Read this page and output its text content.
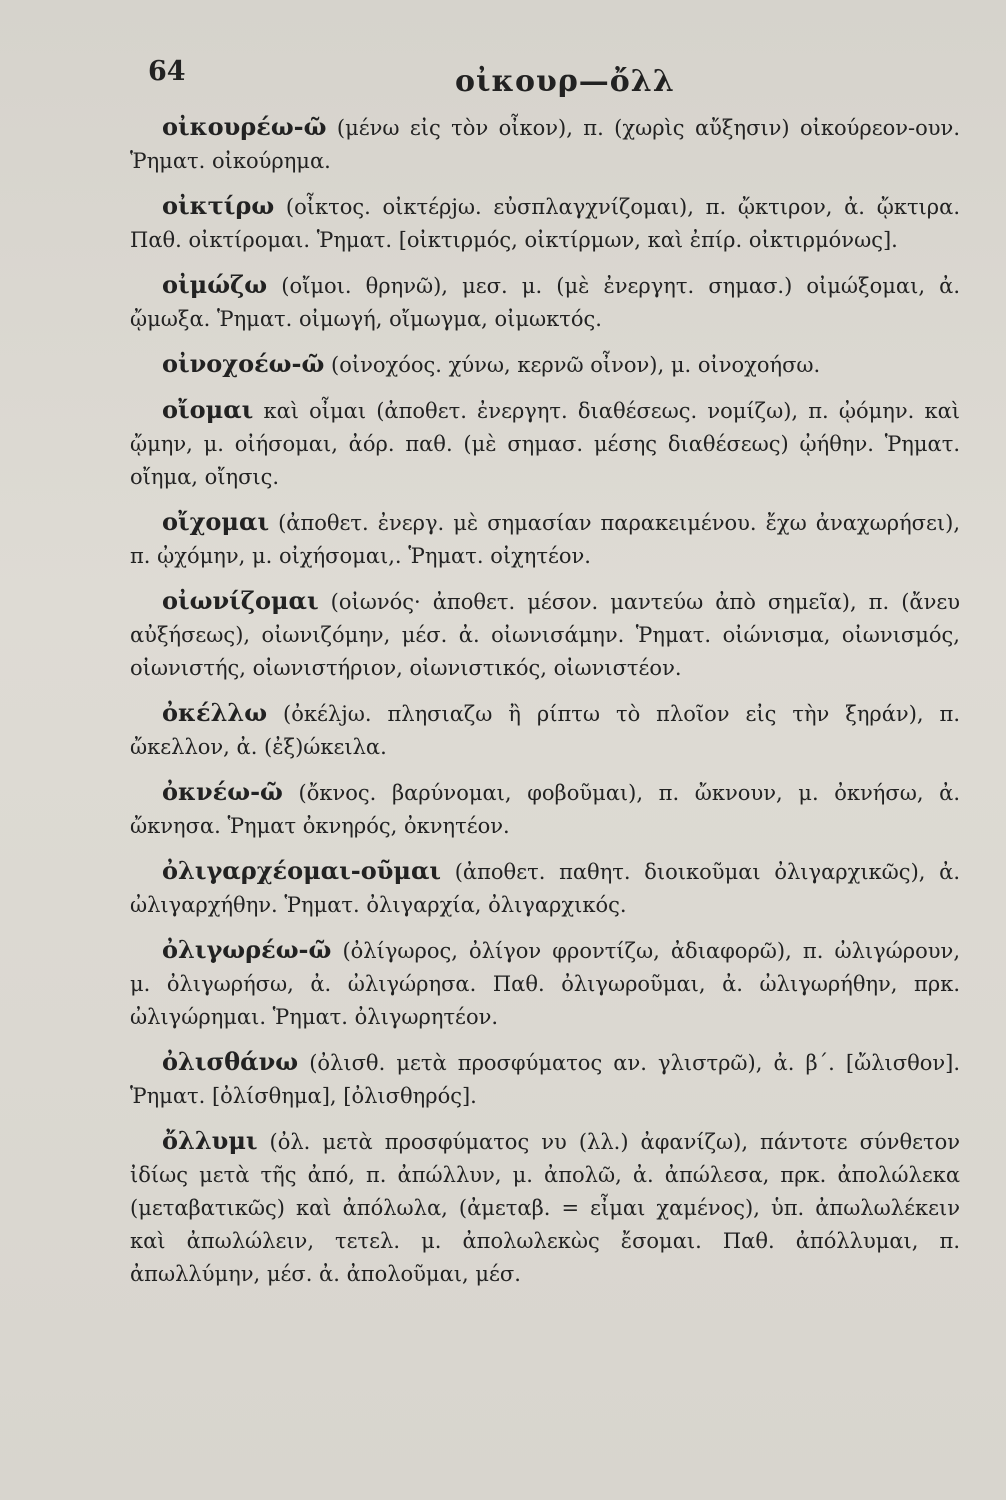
64	οἰκουρ—ὄλλ

οἰκουρέω-ῶ (μένω εἰς τὸν οἶκον), π. (χωρὶς αὔξησιν) οἰκούρεον-ουν. Ῥηματ. οἰκούρημα.

οἰκτίρω (οἶκτος. οἰκτέρjω. εὐσπλαγχνίζομαι), π. ᾤκτιρον, ἀ. ᾤκτιρα. Παθ. οἰκτίρομαι. Ῥηματ. [οἰκτιρμός, οἰκτίρμων, καὶ ἐπίρ. οἰκτιρμόνως].

οἰμώζω (οἴμοι. θρηνῶ), μεσ. μ. (μὲ ἐνεργητ. σημασ.) οἰμώξομαι, ἀ. ᾤμωξα. Ῥηματ. οἰμωγή, οἴμωγμα, οἰμωκτός.

οἰνοχοέω-ῶ (οἰνοχόος. χύνω, κερνῶ οἶνον), μ. οἰνοχοήσω.

οἴομαι καὶ οἶμαι (ἀποθετ. ἐνεργητ. διαθέσεως. νομίζω), π. ᾠόμην. καὶ ᾤμην, μ. οἰήσομαι, ἀόρ. παθ. (μὲ σημασ. μέσης διαθέσεως) ᾠήθην. Ῥηματ. οἴημα, οἴησις.

οἴχομαι (ἀποθετ. ἐνεργ. μὲ σημασίαν παρακειμένου. ἔχω ἀναχωρήσει), π. ᾠχόμην, μ. οἰχήσομαι,. Ῥηματ. οἰχητέον.

οἰωνίζομαι (οἰωνός· ἀποθετ. μέσον. μαντεύω ἀπὸ σημεῖα), π. (ἄνευ αὐξήσεως), οἰωνιζόμην, μέσ. ἀ. οἰωνισάμην. Ῥηματ. οἰώνισμα, οἰωνισμός, οἰωνιστής, οἰωνιστήριον, οἰωνιστικός, οἰωνιστέον.

ὀκέλλω (ὀκέλjω. πλησιαζω ἢ ρίπτω τὸ πλοῖον εἰς τὴν ξηράν), π. ὤκελλον, ἀ. (ἐξ)ώκειλα.

ὀκνέω-ῶ (ὄκνος. βαρύνομαι, φοβοῦμαι), π. ὤκνουν, μ. ὀκνήσω, ἀ. ὤκνησα. Ῥηματ ὀκνηρός, ὀκνητέον.

ὀλιγαρχέομαι-οῦμαι (ἀποθετ. παθητ. διοικοῦμαι ὀλιγαρχικῶς), ἀ. ὠλιγαρχήθην. Ῥηματ. ὀλιγαρχία, ὀλιγαρχικός.

ὀλιγωρέω-ῶ (ὀλίγωρος, ὀλίγον φροντίζω, ἀδιαφορῶ), π. ὠλιγώρουν, μ. ὀλιγωρήσω, ἀ. ὠλιγώρησα. Παθ. ὀλιγωροῦμαι, ἀ. ὠλιγωρήθην, πρκ. ὠλιγώρημαι. Ῥηματ. ὀλιγωρητέον.

ὀλισθάνω (ὀλισθ. μετὰ προσφύματος αν. γλιστρῶ), ἀ. β΄. [ὤλισθον]. Ῥηματ. [ὀλίσθημα], [ὀλισθηρός].

ὄλλυμι (ὀλ. μετὰ προσφύματος νυ (λλ.) ἀφανίζω), πάντοτε σύνθετον ἰδίως μετὰ τῆς ἀπό, π. ἀπώλλυν, μ. ἀπολῶ, ἀ. ἀπώλεσα, πρκ. ἀπολώλεκα (μεταβατικῶς) καὶ ἀπόλωλα, (ἀμεταβ. = εἶμαι χαμένος), ὑπ. ἀπωλωλέκειν καὶ ἀπωλώλειν, τετελ. μ. ἀπολωλεκὼς ἔσομαι. Παθ. ἀπόλλυμαι, π. ἀπωλλύμην, μέσ. ἀ. ἀπολοῦμαι, μέσ.
